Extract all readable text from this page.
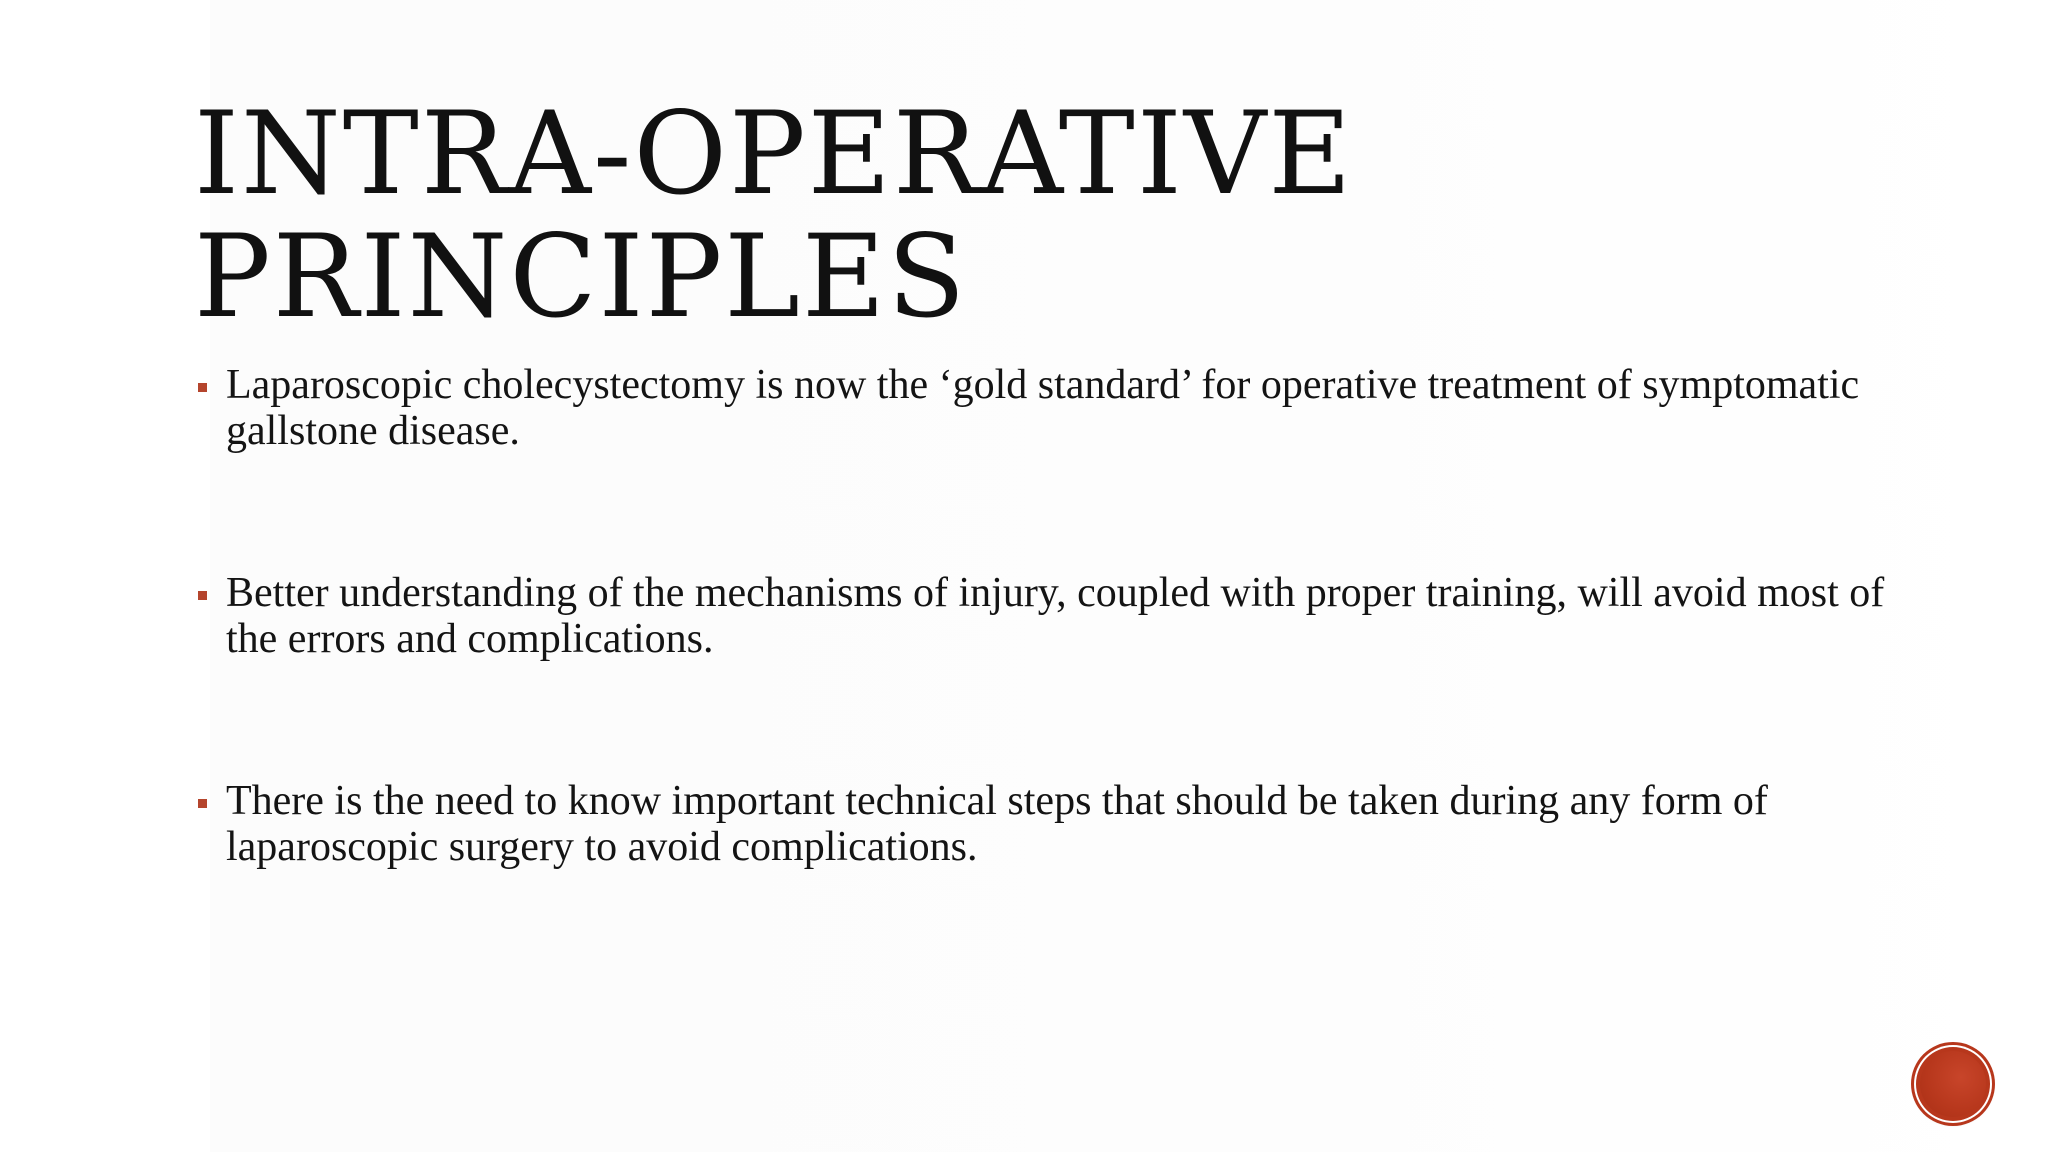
INTRA-OPERATIVE
PRINCIPLES
Laparoscopic cholecystectomy is now the ‘gold standard’ for operative treatment of symptomatic gallstone disease.
Better understanding of the mechanisms of injury, coupled with proper training, will avoid most of the errors and complications.
There is the need to know important technical steps that should be taken during any form of laparoscopic surgery to avoid complications.
